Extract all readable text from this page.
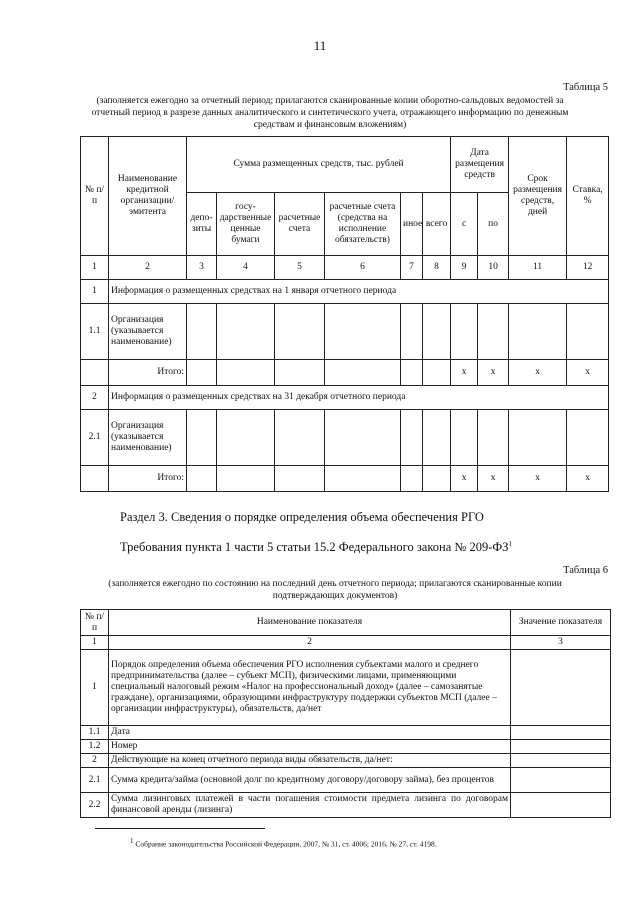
11
Таблица 5
(заполняется ежегодно за отчетный период; прилагаются сканированные копии оборотно-сальдовых ведомостей за отчетный период в разрезе данных аналитического и синтетического учета, отражающего информацию по денежным средствам и финансовым вложениям)
№ п/п	Наименование кредитной организации/ эмитента	Сумма размещенных средств, тыс. рублей						Дата размещения средств		Срок размещения средств, дней	Ставка, %
		депо- зиты	госу- дарственные ценные бумаги	расчетные счета	расчетные счета (средства на исполнение обязательств)	иное	всего	с	по		
1	2	3	4	5	6	7	8	9	10	11	12
1	Информация о размещенных средствах на 1 января отчетного периода										
1.1	Организация (указывается наименование)										
	Итого:							х	х	х	х
2	Информация о размещенных средствах на 31 декабря отчетного периода										
2.1	Организация (указывается наименование)										
	Итого:							х	х	х	х
Раздел 3. Сведения о порядке определения объема обеспечения РГО
Требования пункта 1 части 5 статьи 15.2 Федерального закона № $209-ФЗ^1$
Таблица 6
(заполняется ежегодно по состоянию на последний день отчетного периода; прилагаются сканированные копии подтверждающих документов)
№ п/п	Наименование показателя	Значение показателя
1	2	3
1	Порядок определения объема обеспечения РГО исполнения субъектами малого и среднего предпринимательства (далее – субъект МСП), физическими лицами, применяющими специальный налоговый режим «Налог на профессиональный доход» (далее – самозанятые граждане), организациями, образующими инфраструктуру поддержки субъектов МСП (далее – организации инфраструктуры), обязательств, да/нет	
1.1	Дата	
1.2	Номер	
2	Действующие на конец отчетного периода виды обязательств, да/нет:	
2.1	Сумма кредита/займа (основной долг по кредитному договору/договору займа), без процентов	
2.2	Сумма лизинговых платежей в части погашения стоимости предмета лизинга по договорам финансовой аренды (лизинга)	
1 Собрание законодательства Российской Федерации, 2007, № 31, ст. 4006; 2016, № 27, ст. 4198.
